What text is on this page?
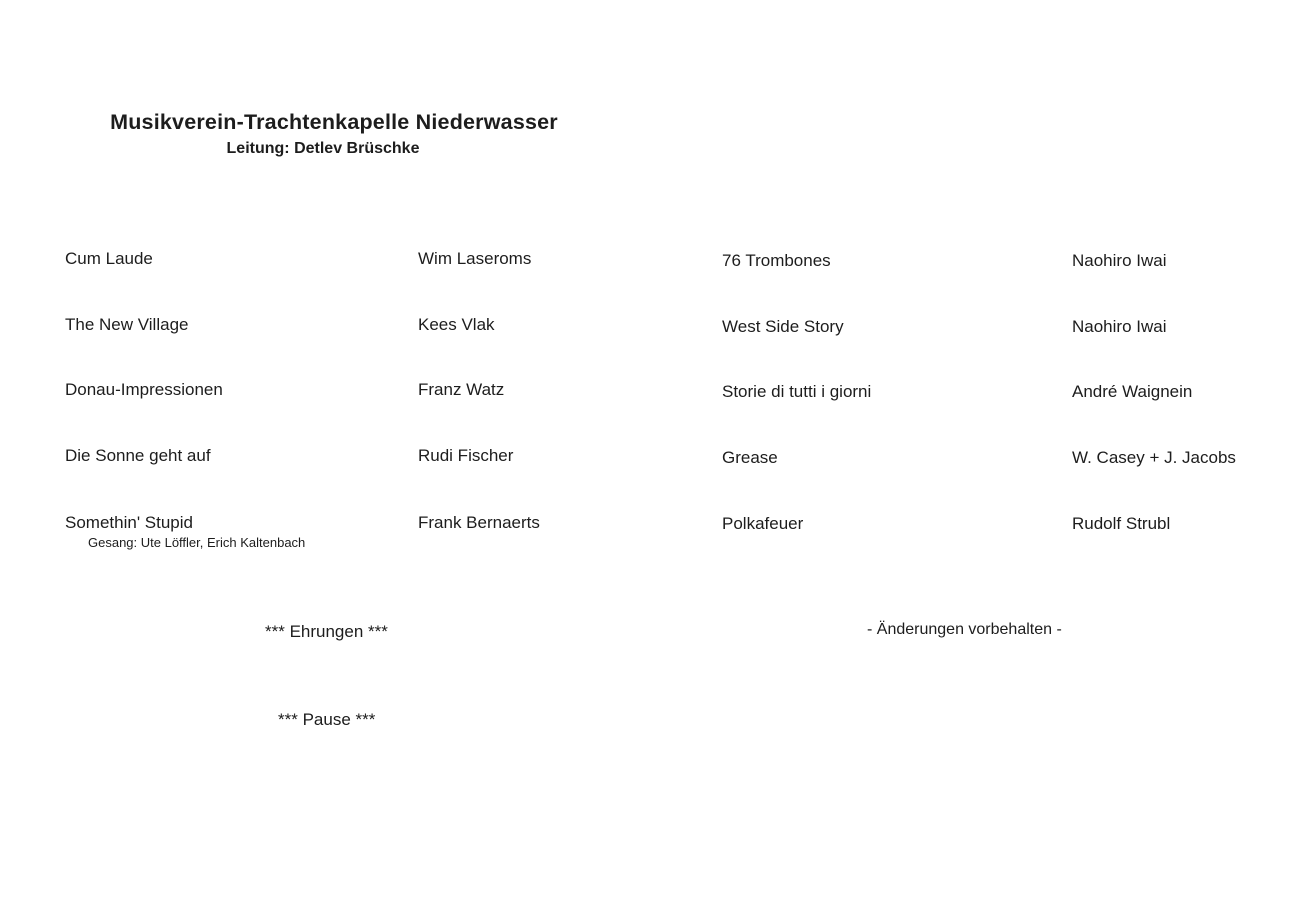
Musikverein-Trachtenkapelle Niederwasser
Leitung: Detlev Brüschke
Cum Laude	Wim Laseroms
The New Village	Kees Vlak
Donau-Impressionen	Franz Watz
Die Sonne geht auf	Rudi Fischer
Somethin' Stupid	Frank Bernaerts
Gesang: Ute Löffler, Erich Kaltenbach
76 Trombones	Naohiro Iwai
West Side Story	Naohiro Iwai
Storie di tutti i giorni	André Waignein
Grease	W. Casey + J. Jacobs
Polkafeuer	Rudolf Strubl
*** Ehrungen ***	- Änderungen vorbehalten -
*** Pause ***
